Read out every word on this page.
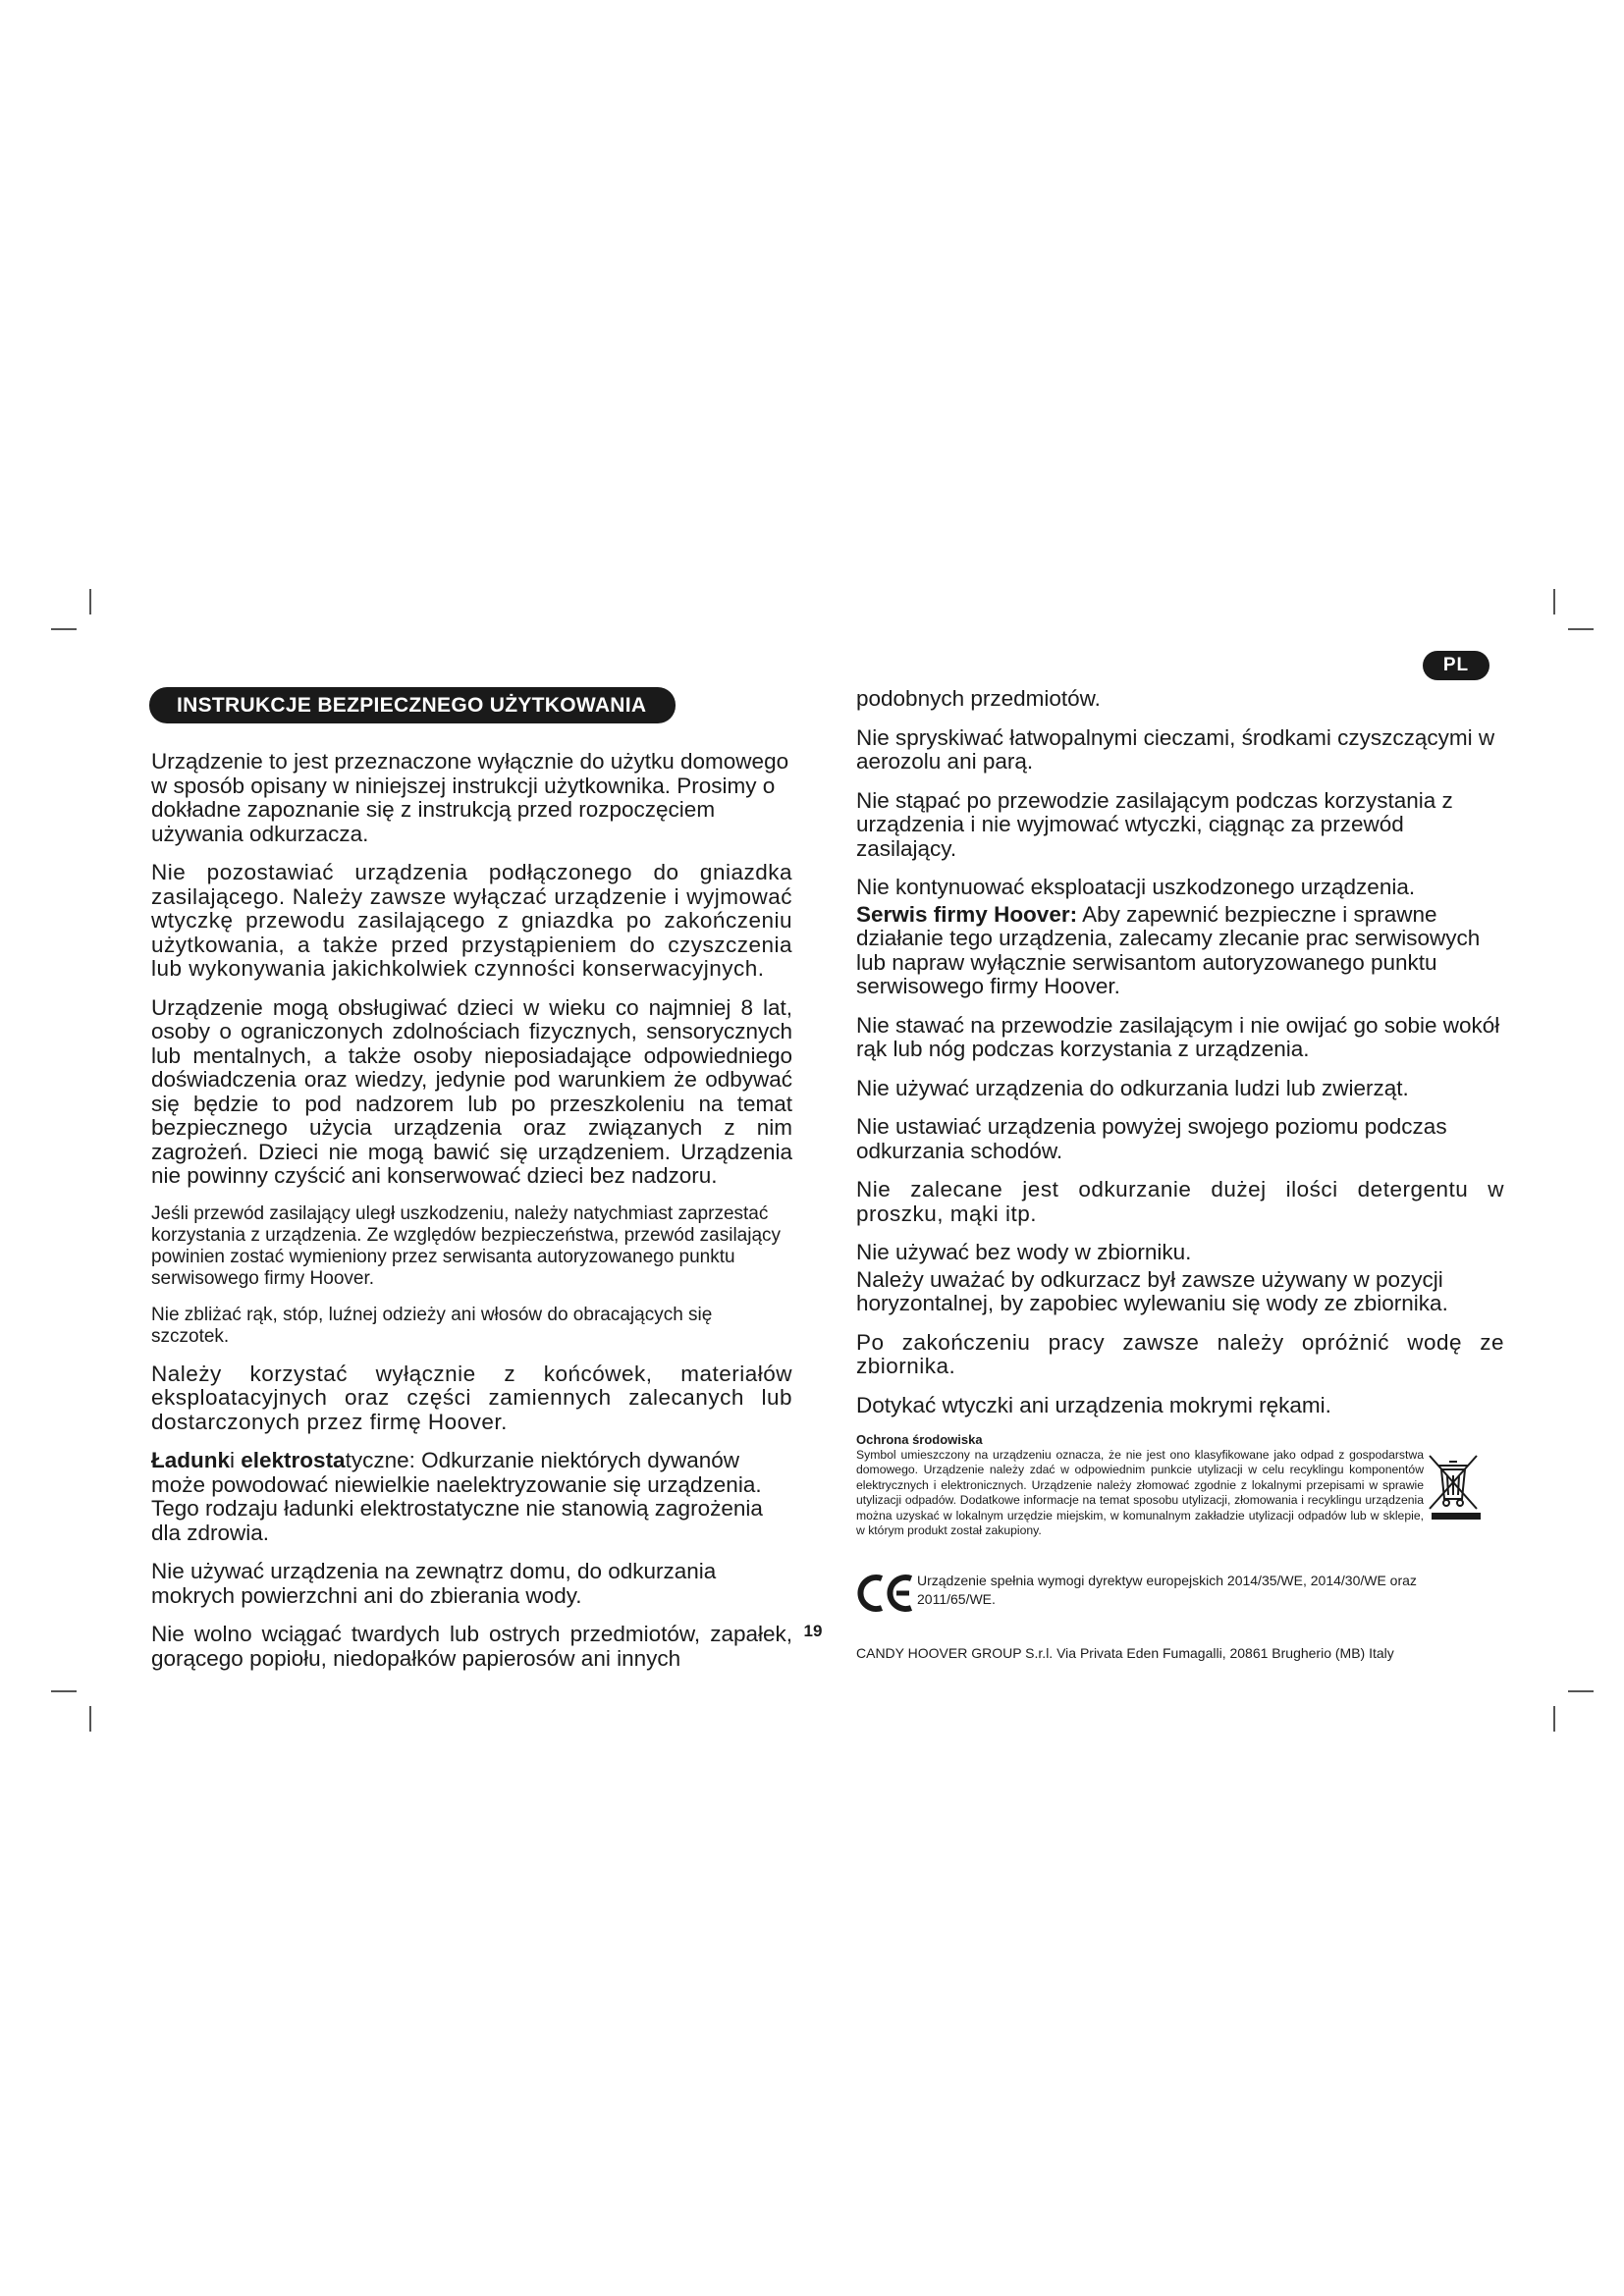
PL
19
INSTRUKCJE BEZPIECZNEGO UŻYTKOWANIA

Urządzenie to jest przeznaczone wyłącznie do użytku domowego w sposób opisany w niniejszej instrukcji użytkownika. Prosimy o dokładne zapoznanie się z instrukcją przed rozpoczęciem używania odkurzacza.

Nie pozostawiać urządzenia podłączonego do gniazdka zasilającego. Należy zawsze wyłączać urządzenie i wyjmować wtyczkę przewodu zasilającego z gniazdka po zakończeniu użytkowania, a także przed przystąpieniem do czyszczenia lub wykonywania jakichkolwiek czynności konserwacyjnych.

Urządzenie mogą obsługiwać dzieci w wieku co najmniej 8 lat, osoby o ograniczonych zdolnościach fizycznych, sensorycznych lub mentalnych, a także osoby nieposiadające odpowiedniego doświadczenia oraz wiedzy, jedynie pod warunkiem że odbywać się będzie to pod nadzorem lub po przeszkoleniu na temat bezpiecznego użycia urządzenia oraz związanych z nim zagrożeń. Dzieci nie mogą bawić się urządzeniem. Urządzenia nie powinny czyścić ani konserwować dzieci bez nadzoru.

Jeśli przewód zasilający uległ uszkodzeniu, należy natychmiast zaprzestać korzystania z urządzenia. Ze względów bezpieczeństwa, przewód zasilający powinien zostać wymieniony przez serwisanta autoryzowanego punktu serwisowego firmy Hoover.

Nie zbliżać rąk, stóp, luźnej odzieży ani włosów do obracających się szczotek.

Należy korzystać wyłącznie z końcówek, materiałów eksploatacyjnych oraz części zamiennych zalecanych lub dostarczonych przez firmę Hoover.

Ładunki elektrostatyczne: Odkurzanie niektórych dywanów może powodować niewielkie naelektryzowanie się urządzenia. Tego rodzaju ładunki elektrostatyczne nie stanowią zagrożenia dla zdrowia.

Nie używać urządzenia na zewnątrz domu, do odkurzania mokrych powierzchni ani do zbierania wody.

Nie wolno wciągać twardych lub ostrych przedmiotów, zapałek, gorącego popiołu, niedopałków papierosów ani innych

podobnych przedmiotów.

Nie spryskiwać łatwopalnymi cieczami, środkami czyszczącymi w aerozolu ani parą.

Nie stąpać po przewodzie zasilającym podczas korzystania z urządzenia i nie wyjmować wtyczki, ciągnąc za przewód zasilający.

Nie kontynuować eksploatacji uszkodzonego urządzenia.

Serwis firmy Hoover: Aby zapewnić bezpieczne i sprawne działanie tego urządzenia, zalecamy zlecanie prac serwisowych lub napraw wyłącznie serwisantom autoryzowanego punktu serwisowego firmy Hoover.

Nie stawać na przewodzie zasilającym i nie owijać go sobie wokół rąk lub nóg podczas korzystania z urządzenia.

Nie używać urządzenia do odkurzania ludzi lub zwierząt.

Nie ustawiać urządzenia powyżej swojego poziomu podczas odkurzania schodów.

Nie zalecane jest odkurzanie dużej ilości detergentu w proszku, mąki itp.

Nie używać bez wody w zbiorniku.

Należy uważać by odkurzacz był zawsze używany w pozycji horyzontalnej, by zapobiec wylewaniu się wody ze zbiornika.

Po zakończeniu pracy zawsze należy opróżnić wodę ze zbiornika.

Dotykać wtyczki ani urządzenia mokrymi rękami.

Ochrona środowiska

Symbol umieszczony na urządzeniu oznacza, że nie jest ono klasyfikowane jako odpad z gospodarstwa domowego. Urządzenie należy zdać w odpowiednim punkcie utylizacji w celu recyklingu komponentów elektrycznych i elektronicznych. Urządzenie należy złomować zgodnie z lokalnymi przepisami w sprawie utylizacji odpadów. Dodatkowe informacje na temat sposobu utylizacji, złomowania i recyklingu urządzenia można uzyskać w lokalnym urzędzie miejskim, w komunalnym zakładzie utylizacji odpadów lub w sklepie, w którym produkt został zakupiony.

Urządzenie spełnia wymogi dyrektyw europejskich 2014/35/WE, 2014/30/WE oraz 2011/65/WE.

CANDY HOOVER GROUP S.r.l. Via Privata Eden Fumagalli, 20861 Brugherio (MB) Italy
